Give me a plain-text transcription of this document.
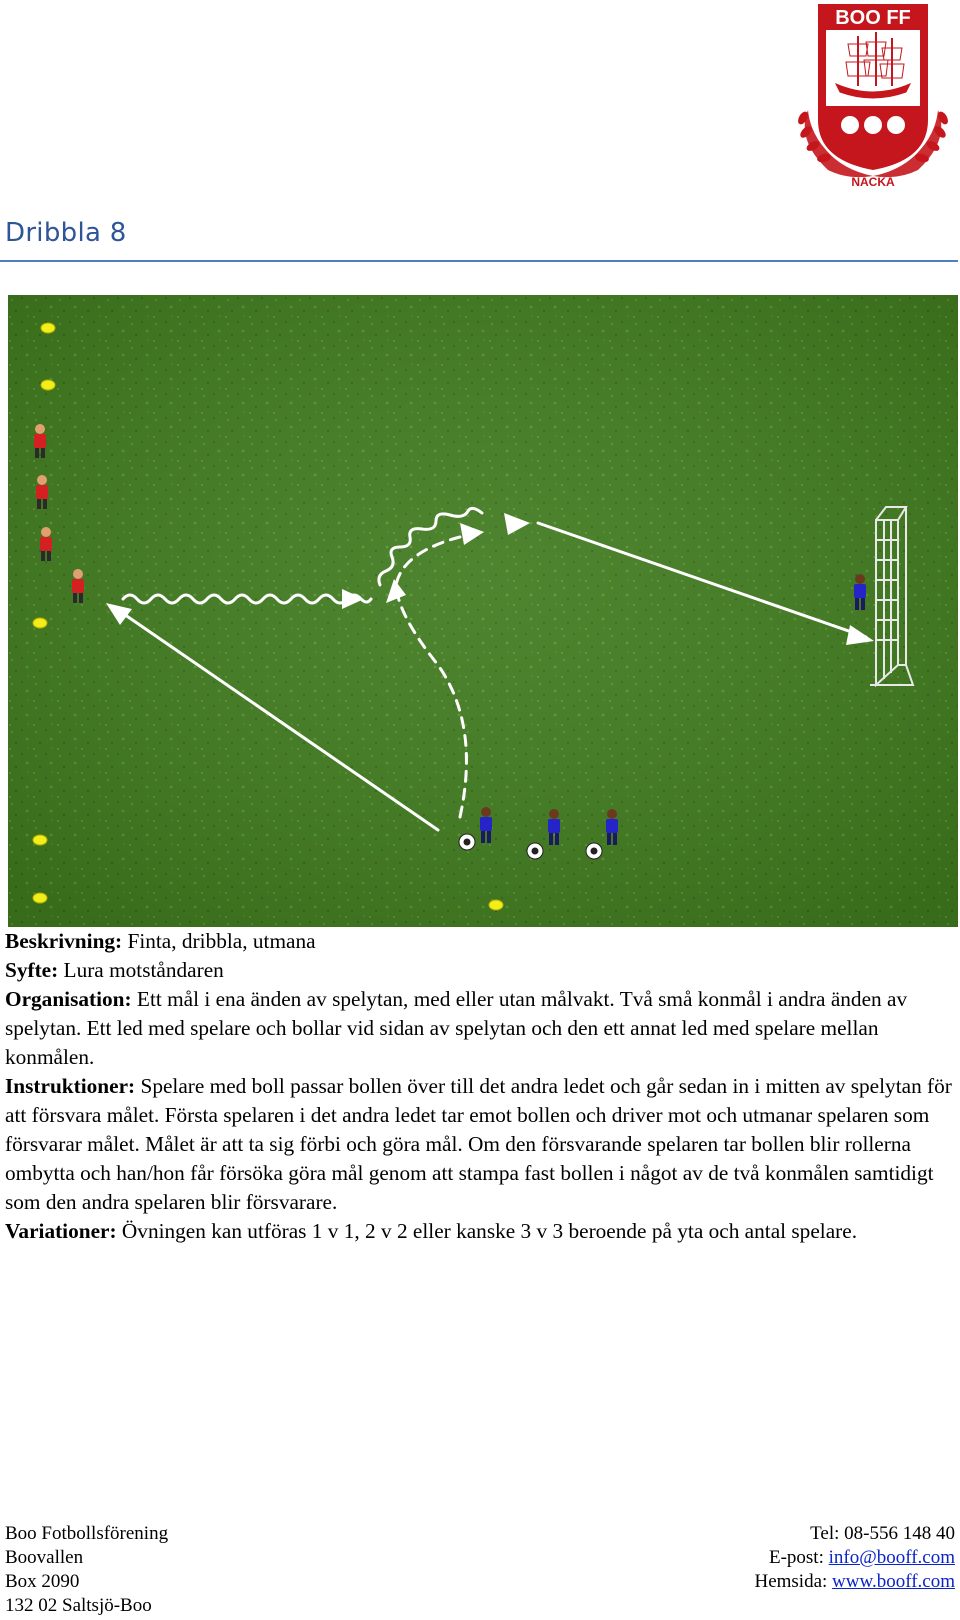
BOO FF
NACKA
Dribbla 8

Beskrivning: Finta, dribbla, utmana

Syfte: Lura motståndaren

Organisation: Ett mål i ena änden av spelytan, med eller utan målvakt. Två små konmål i andra änden av spelytan. Ett led med spelare och bollar vid sidan av spelytan och den ett annat led med spelare mellan konmålen.

Instruktioner: Spelare med boll passar bollen över till det andra ledet och går sedan in i mitten av spelytan för att försvara målet. Första spelaren i det andra ledet tar emot bollen och driver mot och utmanar spelaren som försvarar målet. Målet är att ta sig förbi och göra mål. Om den försvarande spelaren tar bollen blir rollerna ombytta och han/hon får försöka göra mål genom att stampa fast bollen i något av de två konmålen samtidigt som den andra spelaren blir försvarare.

Variationer: Övningen kan utföras 1 v 1, 2 v 2 eller kanske 3 v 3 beroende på yta och antal spelare.

Boo Fotbollsförening
Boovallen
Box 2090
132 02 Saltsjö-Boo
Tel: 08-556 148 40
E-post: info@booff.com
Hemsida: www.booff.com
